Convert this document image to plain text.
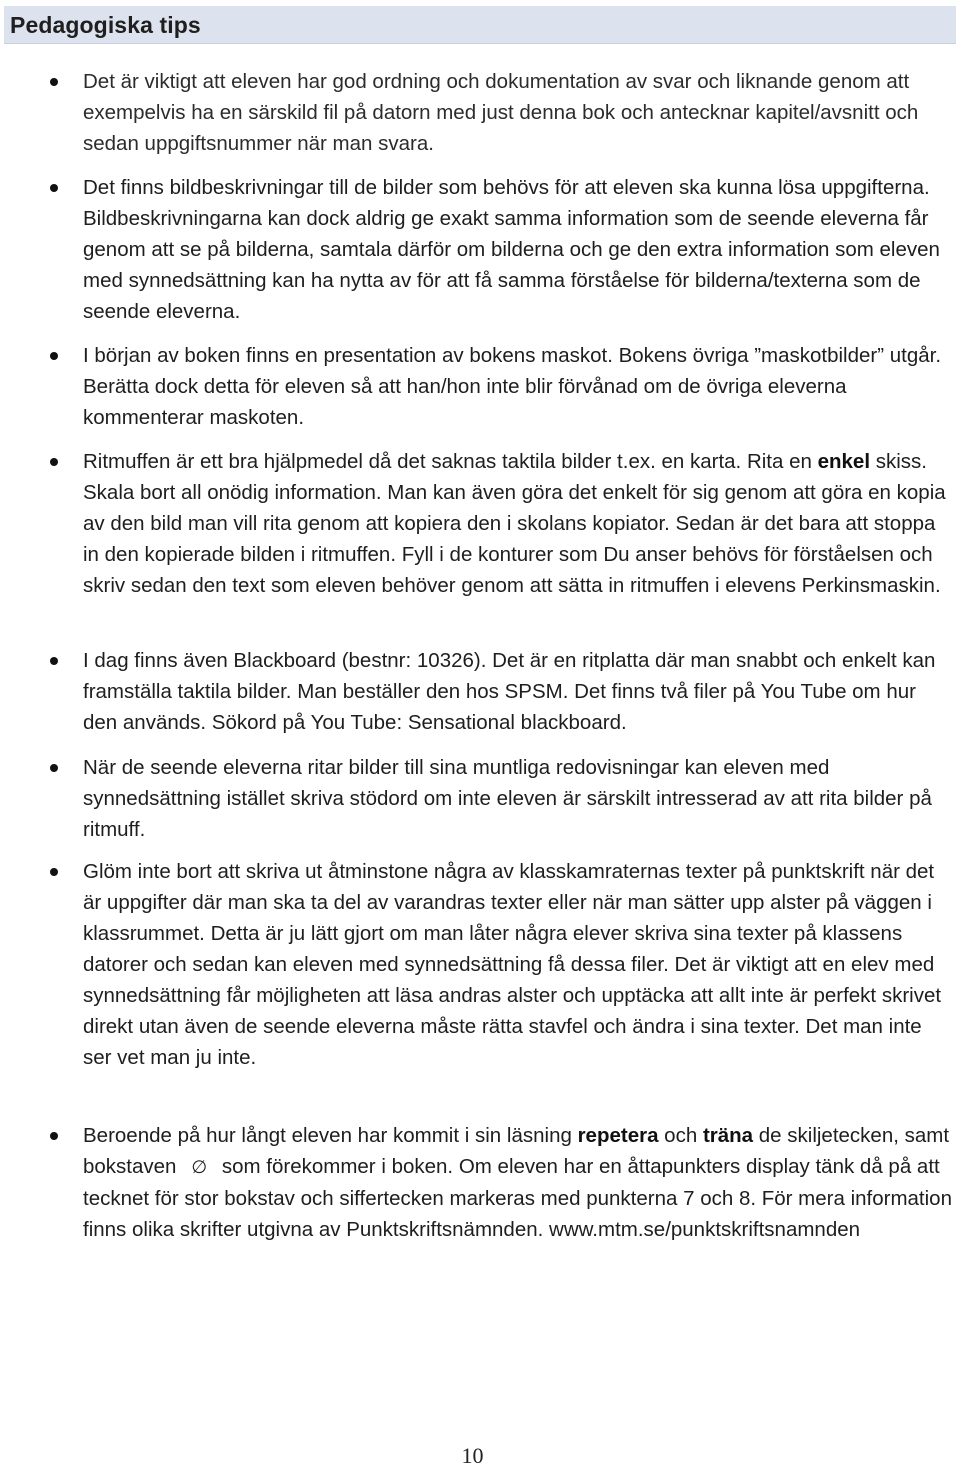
Pedagogiska tips
Det är viktigt att eleven har god ordning och dokumentation av svar och liknande genom att exempelvis ha en särskild fil på datorn med just denna bok och antecknar kapitel/avsnitt och sedan uppgiftsnummer när man svara.
Det finns bildbeskrivningar till de bilder som behövs för att eleven ska kunna lösa uppgifterna. Bildbeskrivningarna kan dock aldrig ge exakt samma information som de seende eleverna får genom att se på bilderna, samtala därför om bilderna och ge den extra information som eleven med synnedsättning kan ha nytta av för att få samma förståelse för bilderna/texterna som de seende eleverna.
I början av boken finns en presentation av bokens maskot. Bokens övriga ”maskotbilder” utgår. Berätta dock detta för eleven så att han/hon inte blir förvånad om de övriga eleverna kommenterar maskoten.
Ritmuffen är ett bra hjälpmedel då det saknas taktila bilder t.ex. en karta. Rita en enkel skiss. Skala bort all onödig information. Man kan även göra det enkelt för sig genom att göra en kopia av den bild man vill rita genom att kopiera den i skolans kopiator. Sedan är det bara att stoppa in den kopierade bilden i ritmuffen. Fyll i de konturer som Du anser behövs för förståelsen och skriv sedan den text som eleven behöver genom att sätta in ritmuffen i elevens Perkinsmaskin.
I dag finns även Blackboard (bestnr: 10326). Det är en ritplatta där man snabbt och enkelt kan framställa taktila bilder. Man beställer den hos SPSM. Det finns två filer på You Tube om hur den används. Sökord på You Tube: Sensational blackboard.
När de seende eleverna ritar bilder till sina muntliga redovisningar kan eleven med synnedsättning istället skriva stödord om inte eleven är särskilt intresserad av att rita bilder på ritmuff.
Glöm inte bort att skriva ut åtminstone några av klasskamraternas texter på punktskrift när det är uppgifter där man ska ta del av varandras texter eller när man sätter upp alster på väggen i klassrummet. Detta är ju lätt gjort om man låter några elever skriva sina texter på klassens datorer och sedan kan eleven med synnedsättning få dessa filer. Det är viktigt att en elev med synnedsättning får möjligheten att läsa andras alster och upptäcka att allt inte är perfekt skrivet direkt utan även de seende eleverna måste rätta stavfel och ändra i sina texter. Det man inte ser vet man ju inte.
Beroende på hur långt eleven har kommit i sin läsning repetera och träna de skiljetecken, samt bokstaven ∅ som förekommer i boken. Om eleven har en åttapunkters display tänk då på att tecknet för stor bokstav och siffertecken markeras med punkterna 7 och 8. För mera information finns olika skrifter utgivna av Punktskriftsnämnden. www.mtm.se/punktskriftsnamnden
10
